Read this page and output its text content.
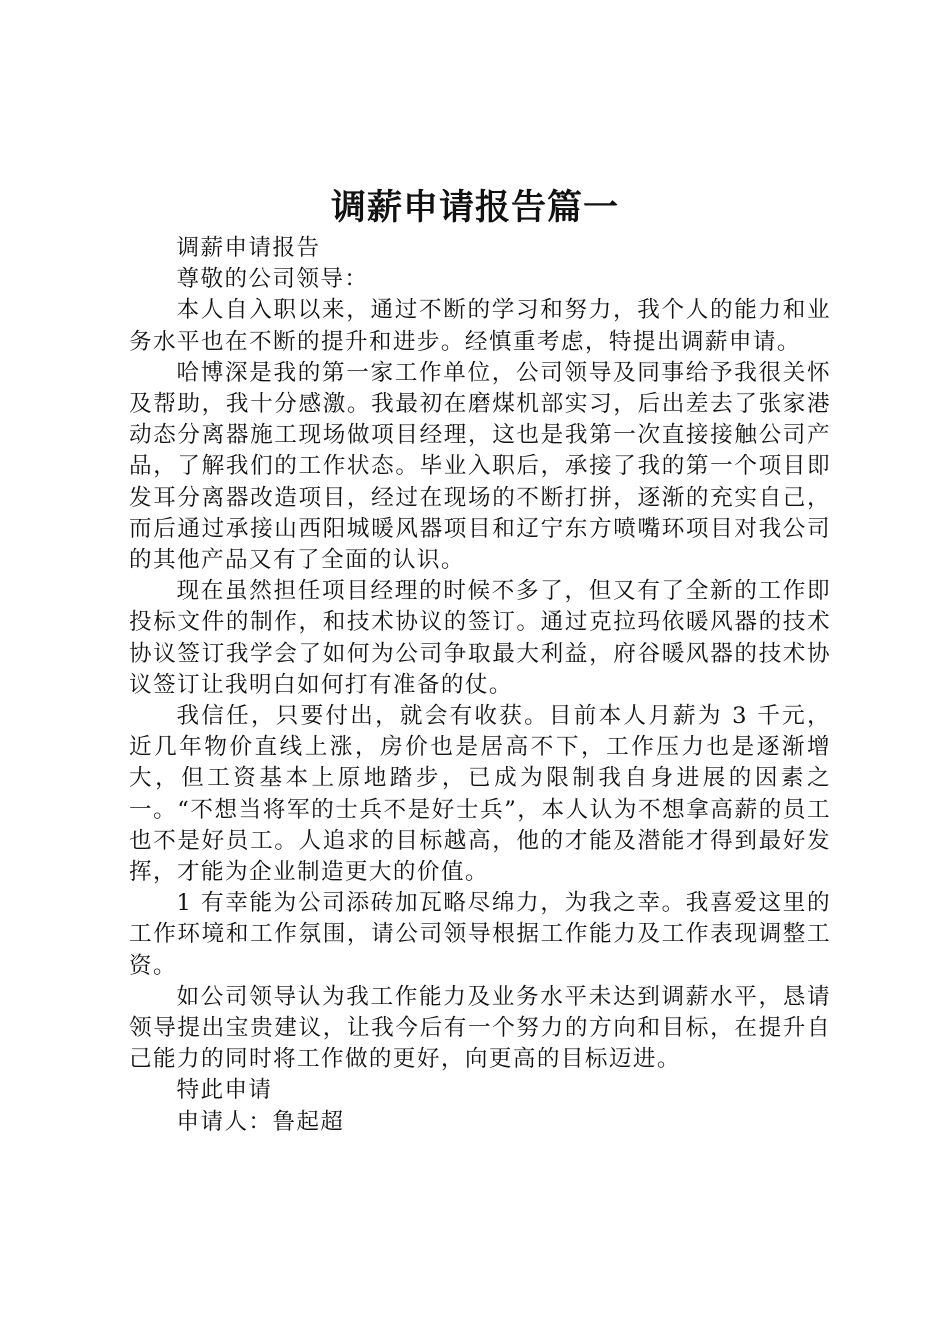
调薪申请报告篇一

调薪申请报告

尊敬的公司领导：

本人自入职以来，通过不断的学习和努力，我个人的能力和业务水平也在不断的提升和进步。经慎重考虑，特提出调薪申请。

哈博深是我的第一家工作单位，公司领导及同事给予我很关怀及帮助，我十分感激。我最初在磨煤机部实习，后出差去了张家港动态分离器施工现场做项目经理，这也是我第一次直接接触公司产品，了解我们的工作状态。毕业入职后，承接了我的第一个项目即发耳分离器改造项目，经过在现场的不断打拼，逐渐的充实自己，而后通过承接山西阳城暖风器项目和辽宁东方喷嘴环项目对我公司的其他产品又有了全面的认识。

现在虽然担任项目经理的时候不多了，但又有了全新的工作即投标文件的制作，和技术协议的签订。通过克拉玛依暖风器的技术协议签订我学会了如何为公司争取最大利益，府谷暖风器的技术协议签订让我明白如何打有准备的仗。

我信任，只要付出，就会有收获。目前本人月薪为 3 千元，近几年物价直线上涨，房价也是居高不下，工作压力也是逐渐增大，但工资基本上原地踏步，已成为限制我自身进展的因素之一。“不想当将军的士兵不是好士兵”，本人认为不想拿高薪的员工也不是好员工。人追求的目标越高，他的才能及潜能才得到最好发挥，才能为企业制造更大的价值。

1 有幸能为公司添砖加瓦略尽绵力，为我之幸。我喜爱这里的工作环境和工作氛围，请公司领导根据工作能力及工作表现调整工资。

如公司领导认为我工作能力及业务水平未达到调薪水平，恳请领导提出宝贵建议，让我今后有一个努力的方向和目标，在提升自己能力的同时将工作做的更好，向更高的目标迈进。

特此申请

申请人：鲁起超
